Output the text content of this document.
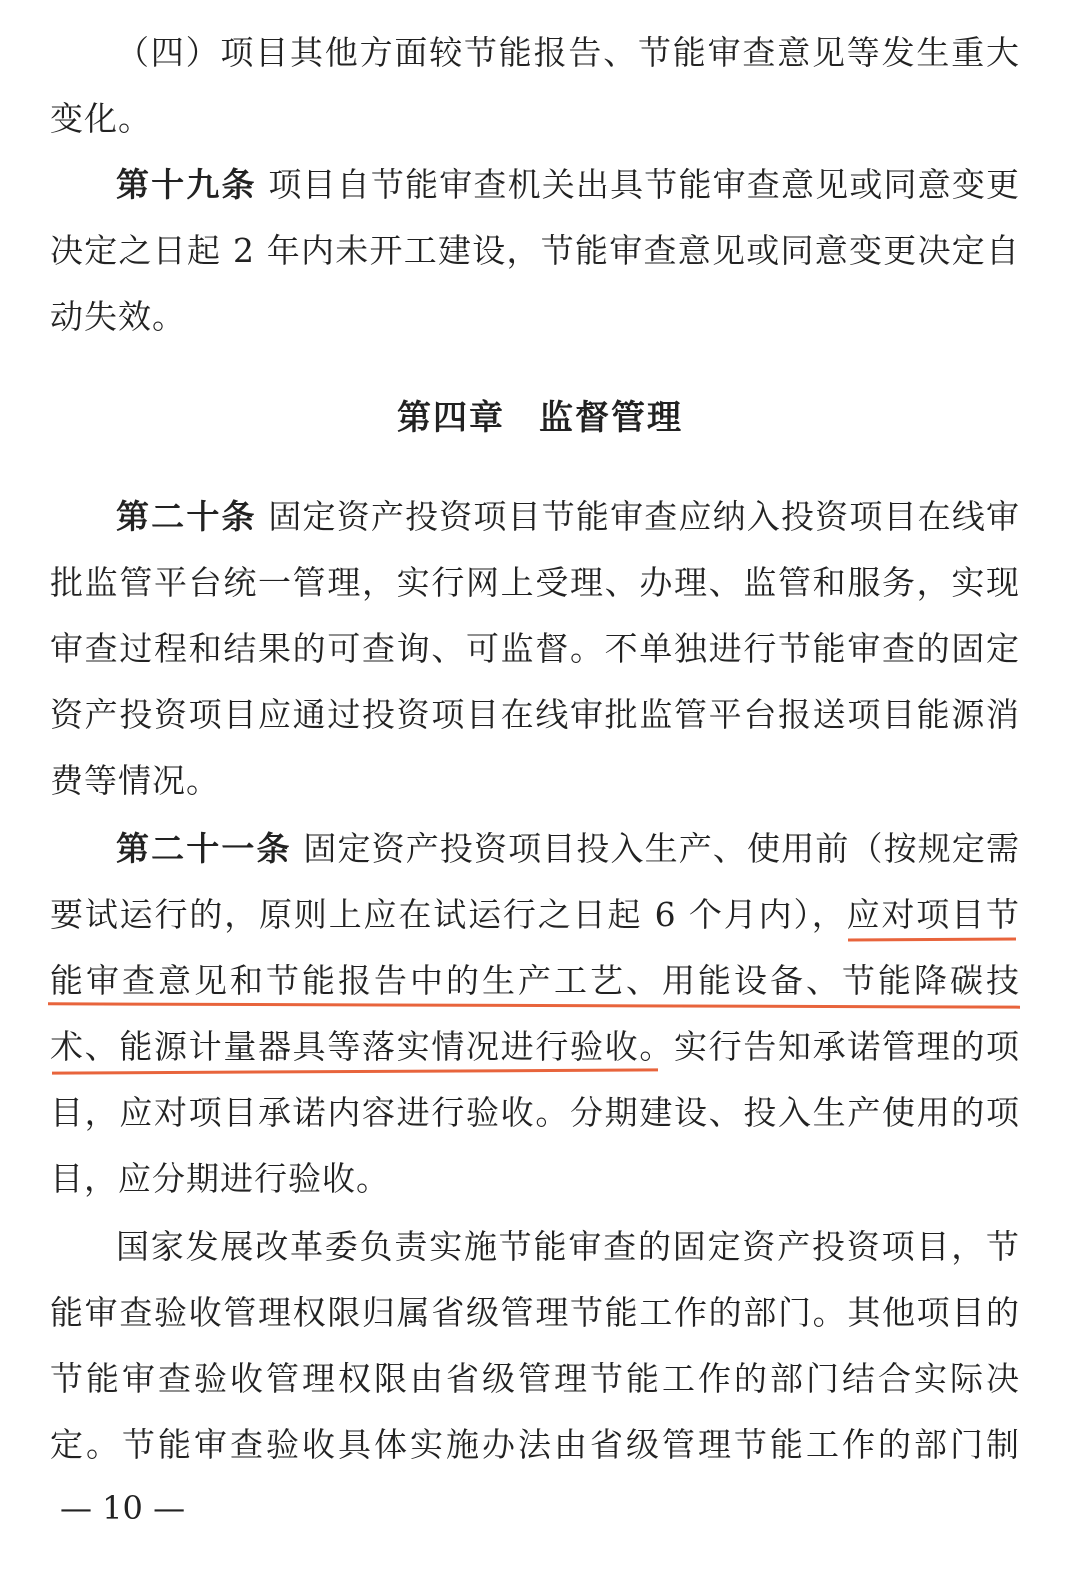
（四）项目其他方面较节能报告、节能审查意见等发生重大
变化。
第十九条 项目自节能审查机关出具节能审查意见或同意变更
决定之日起 2 年内未开工建设，节能审查意见或同意变更决定自
动失效。
第四章 监督管理
第二十条 固定资产投资项目节能审查应纳入投资项目在线审
批监管平台统一管理，实行网上受理、办理、监管和服务，实现
审查过程和结果的可查询、可监督。不单独进行节能审查的固定
资产投资项目应通过投资项目在线审批监管平台报送项目能源消
费等情况。
第二十一条 固定资产投资项目投入生产、使用前（按规定需
要试运行的，原则上应在试运行之日起 6 个月内），应对项目节
能审查意见和节能报告中的生产工艺、用能设备、节能降碳技
术、能源计量器具等落实情况进行验收。实行告知承诺管理的项
目，应对项目承诺内容进行验收。分期建设、投入生产使用的项
目，应分期进行验收。
国家发展改革委负责实施节能审查的固定资产投资项目，节
能审查验收管理权限归属省级管理节能工作的部门。其他项目的
节能审查验收管理权限由省级管理节能工作的部门结合实际决
定。节能审查验收具体实施办法由省级管理节能工作的部门制
— 10 —
